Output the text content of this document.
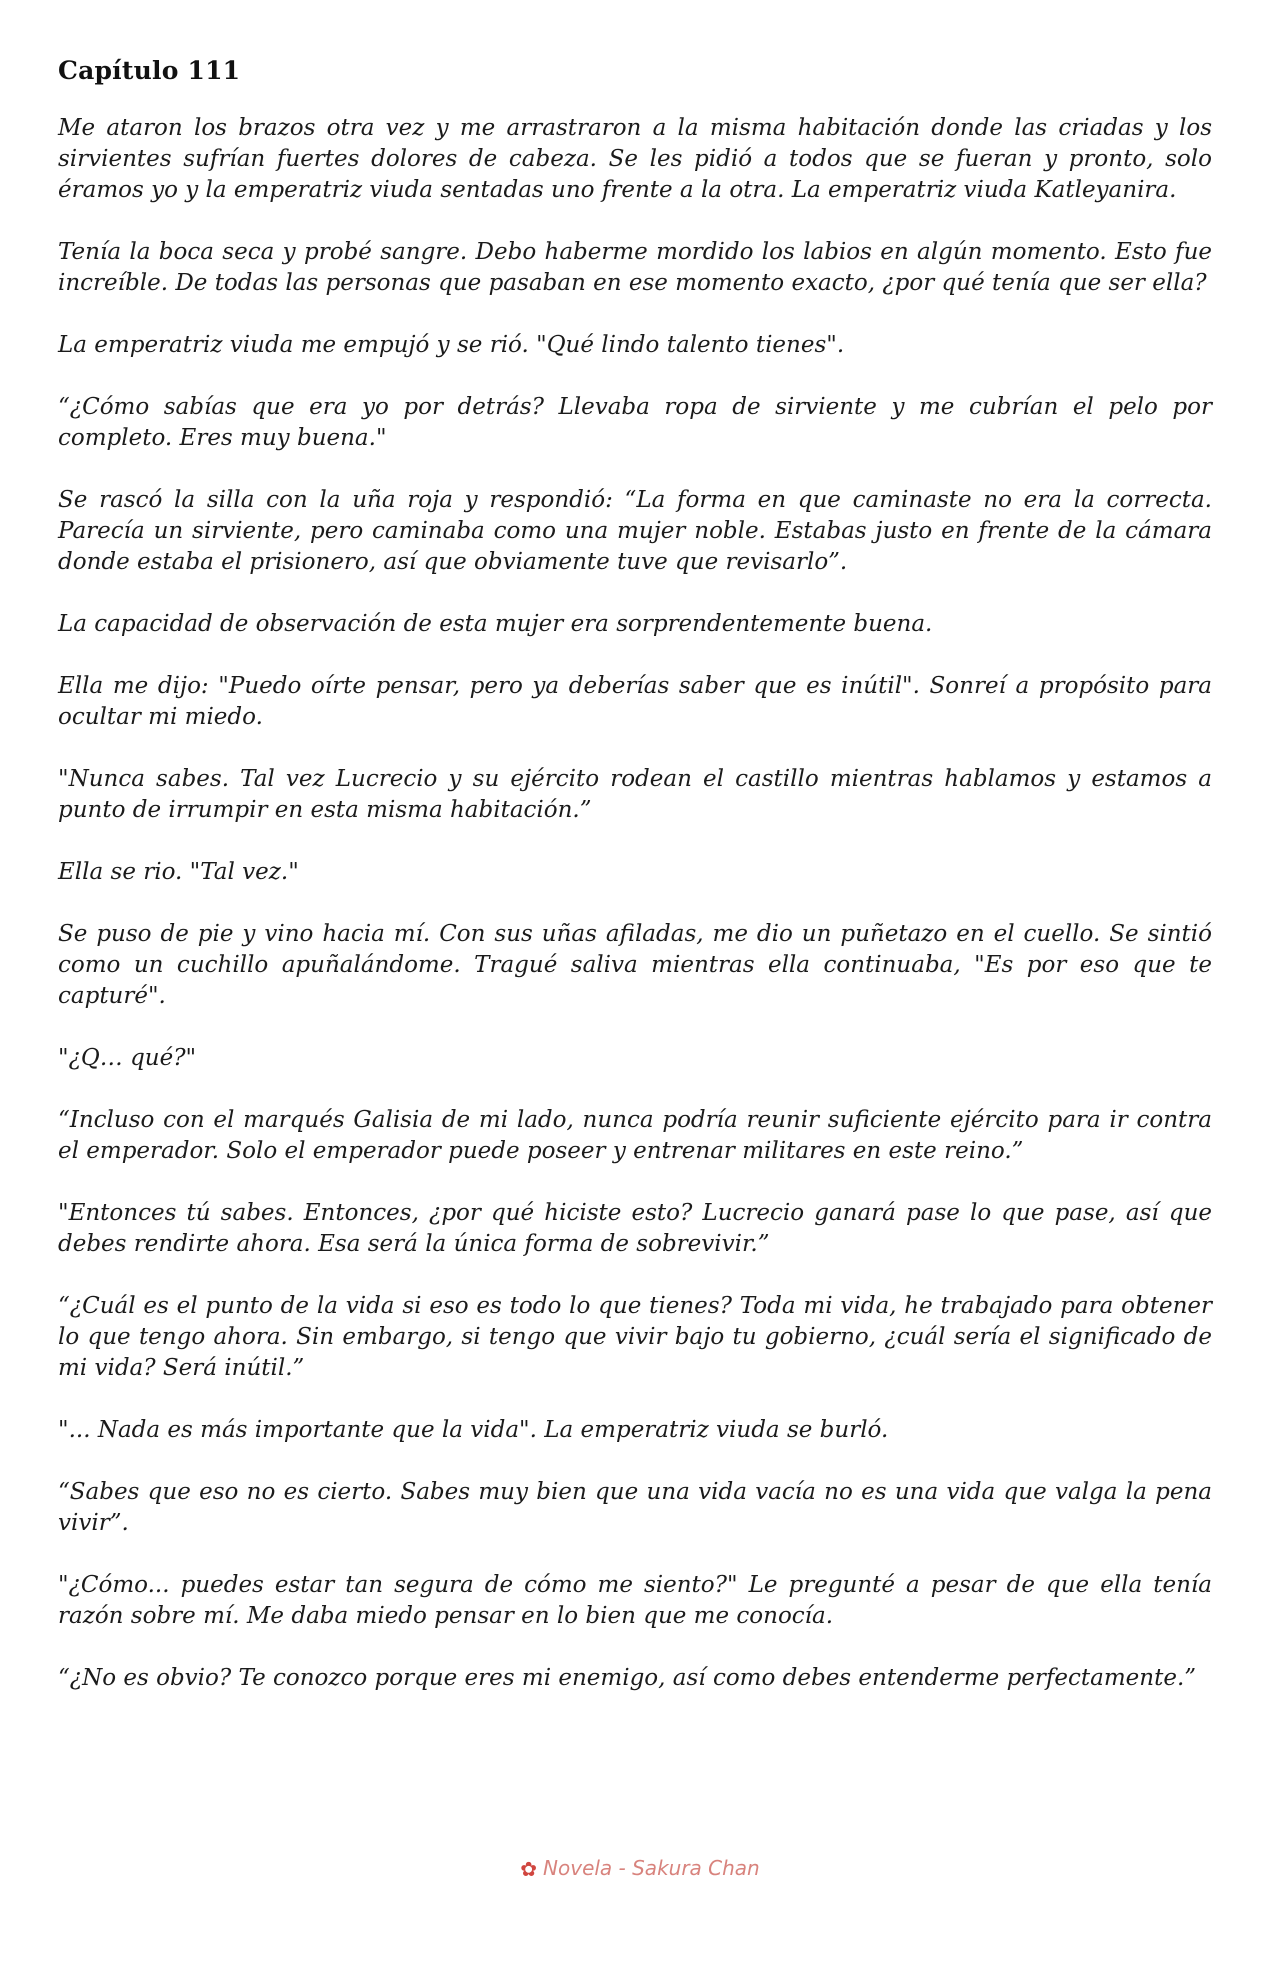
Capítulo 111

Me ataron los brazos otra vez y me arrastraron a la misma habitación donde las criadas y los sirvientes sufrían fuertes dolores de cabeza. Se les pidió a todos que se fueran y pronto, solo éramos yo y la emperatriz viuda sentadas uno frente a la otra. La emperatriz viuda Katleyanira.

Tenía la boca seca y probé sangre. Debo haberme mordido los labios en algún momento. Esto fue increíble. De todas las personas que pasaban en ese momento exacto, ¿por qué tenía que ser ella?

La emperatriz viuda me empujó y se rió. "Qué lindo talento tienes".

“¿Cómo sabías que era yo por detrás? Llevaba ropa de sirviente y me cubrían el pelo por completo. Eres muy buena."

Se rascó la silla con la uña roja y respondió: “La forma en que caminaste no era la correcta. Parecía un sirviente, pero caminaba como una mujer noble. Estabas justo en frente de la cámara donde estaba el prisionero, así que obviamente tuve que revisarlo”.

La capacidad de observación de esta mujer era sorprendentemente buena.

Ella me dijo: "Puedo oírte pensar, pero ya deberías saber que es inútil". Sonreí a propósito para ocultar mi miedo.

"Nunca sabes. Tal vez Lucrecio y su ejército rodean el castillo mientras hablamos y estamos a punto de irrumpir en esta misma habitación.”

Ella se rio. "Tal vez."

Se puso de pie y vino hacia mí. Con sus uñas afiladas, me dio un puñetazo en el cuello. Se sintió como un cuchillo apuñalándome. Tragué saliva mientras ella continuaba, "Es por eso que te capturé".

"¿Q… qué?"

“Incluso con el marqués Galisia de mi lado, nunca podría reunir suficiente ejército para ir contra el emperador. Solo el emperador puede poseer y entrenar militares en este reino.”

"Entonces tú sabes. Entonces, ¿por qué hiciste esto? Lucrecio ganará pase lo que pase, así que debes rendirte ahora. Esa será la única forma de sobrevivir.”

“¿Cuál es el punto de la vida si eso es todo lo que tienes? Toda mi vida, he trabajado para obtener lo que tengo ahora. Sin embargo, si tengo que vivir bajo tu gobierno, ¿cuál sería el significado de mi vida? Será inútil.”

"... Nada es más importante que la vida". La emperatriz viuda se burló.

“Sabes que eso no es cierto. Sabes muy bien que una vida vacía no es una vida que valga la pena vivir”.

"¿Cómo... puedes estar tan segura de cómo me siento?" Le pregunté a pesar de que ella tenía razón sobre mí. Me daba miedo pensar en lo bien que me conocía.

“¿No es obvio? Te conozco porque eres mi enemigo, así como debes entenderme perfectamente.”

✿ Novela - Sakura Chan
